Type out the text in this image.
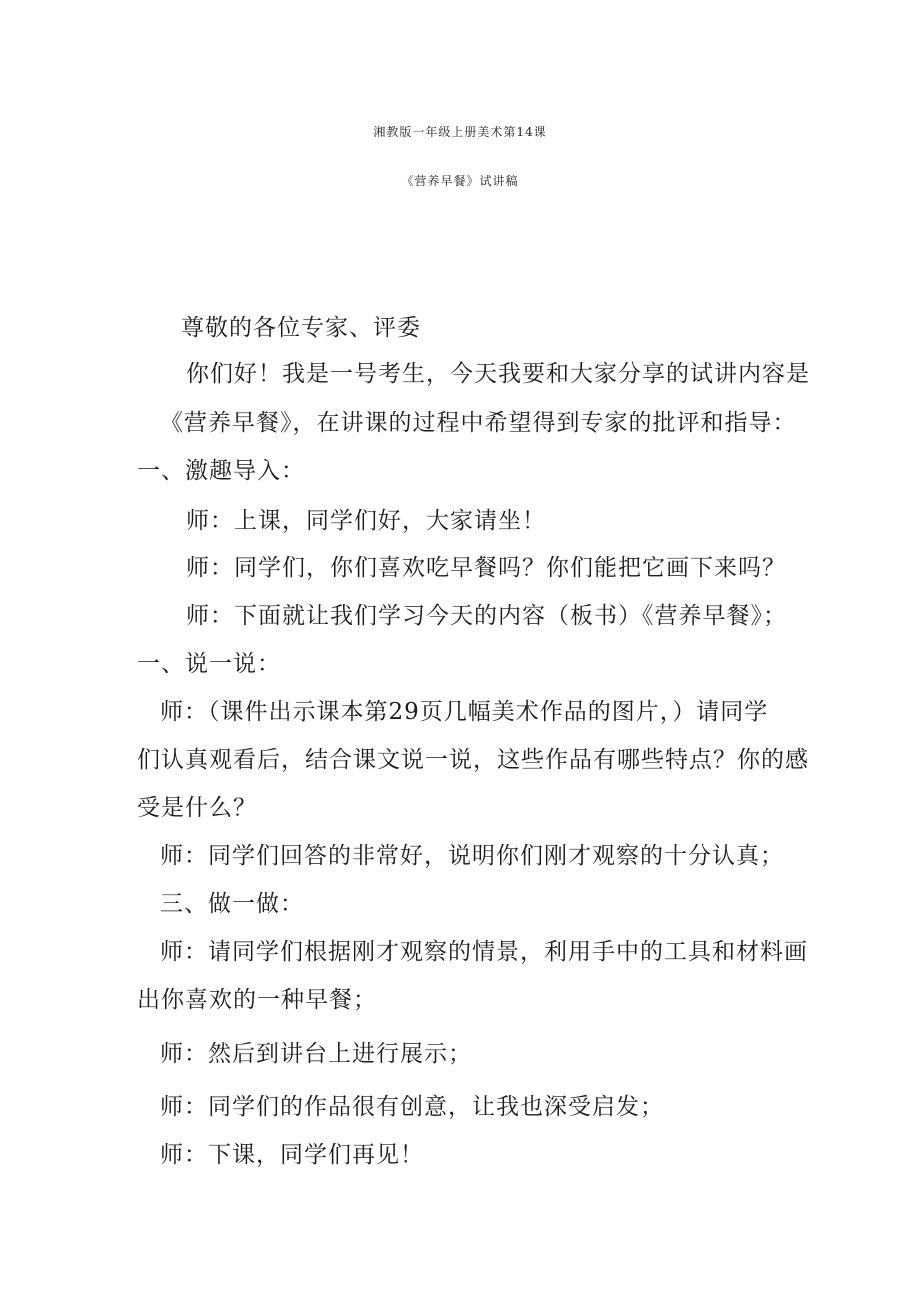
湘教版一年级上册美术第14课
《营养早餐》试讲稿
尊敬的各位专家、评委
你们好！我是一号考生，今天我要和大家分享的试讲内容是
《营养早餐》，在讲课的过程中希望得到专家的批评和指导：
一、激趣导入：
师：上课，同学们好，大家请坐！
师：同学们，你们喜欢吃早餐吗？你们能把它画下来吗？
师：下面就让我们学习今天的内容（板书）《营养早餐》；
一、说一说：
师：（课件出示课本第29页几幅美术作品的图片，）请同学
们认真观看后，结合课文说一说，这些作品有哪些特点？你的感
受是什么？
师：同学们回答的非常好，说明你们刚才观察的十分认真；
三、做一做：
师：请同学们根据刚才观察的情景，利用手中的工具和材料画
出你喜欢的一种早餐；
师：然后到讲台上进行展示；
师：同学们的作品很有创意，让我也深受启发；
师：下课，同学们再见！
